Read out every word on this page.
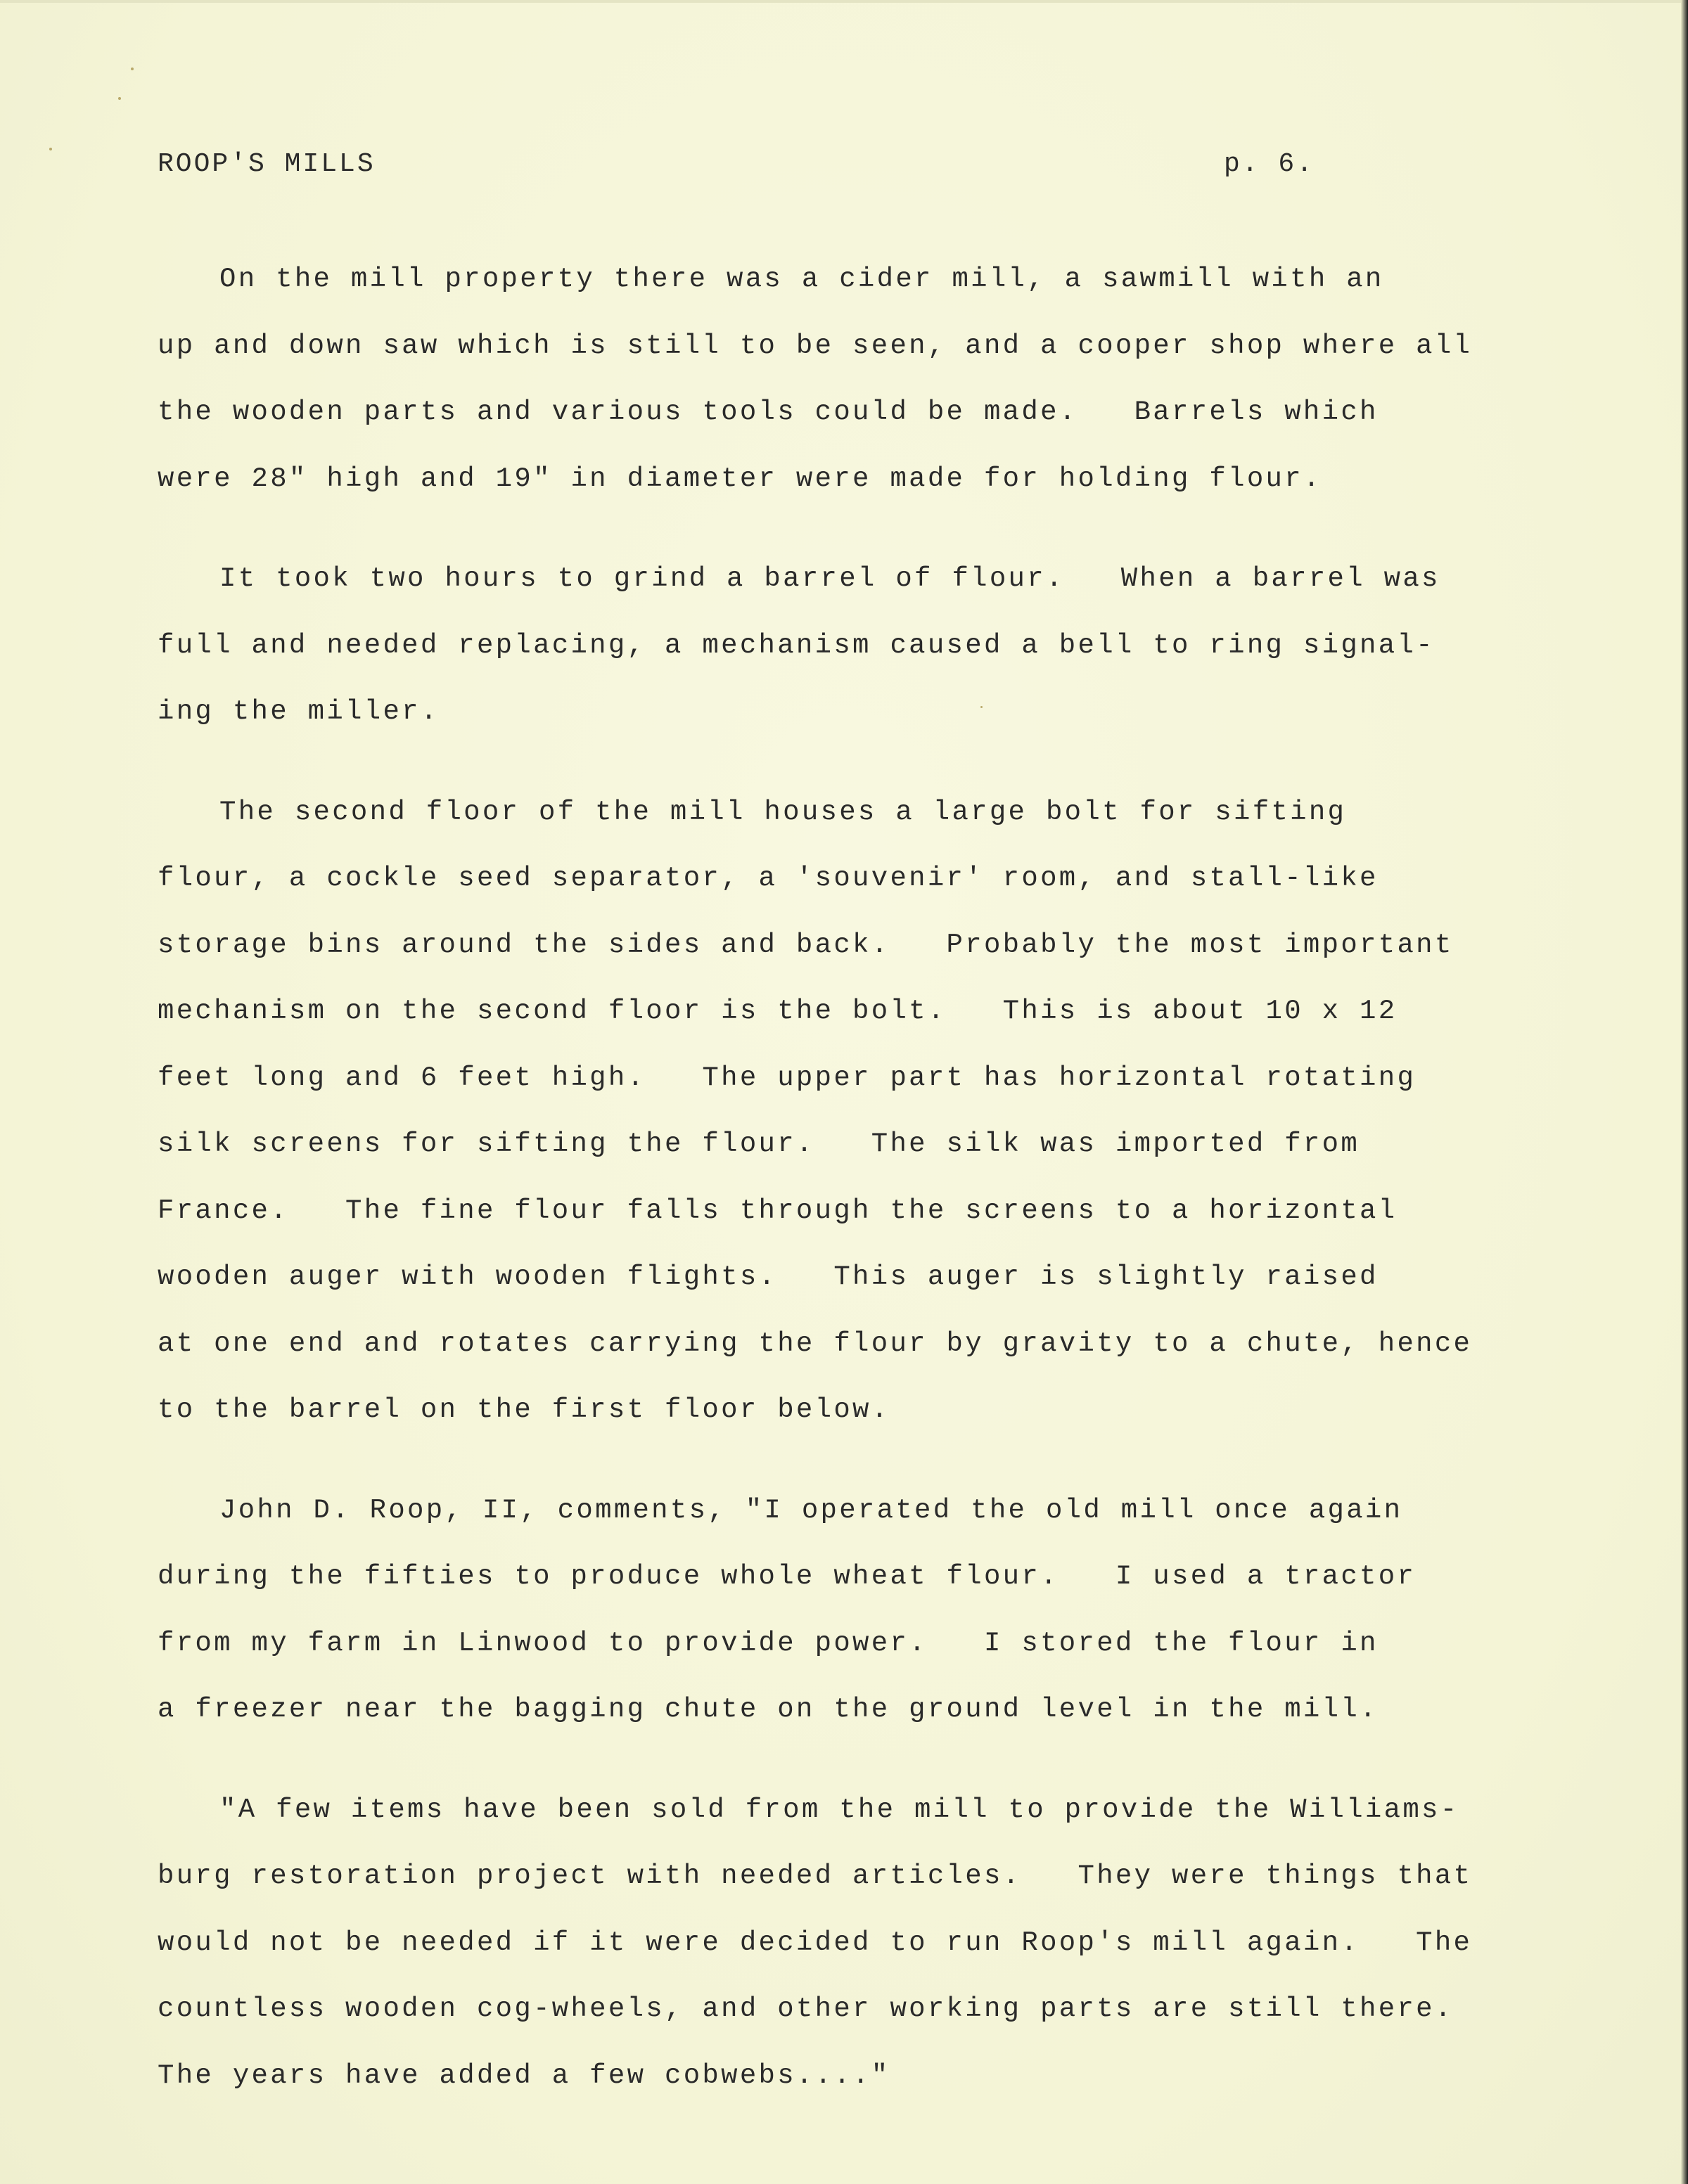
ROOP'S MILLS	p. 6.
On the mill property there was a cider mill, a sawmill with an
up and down saw which is still to be seen, and a cooper shop where all
the wooden parts and various tools could be made.   Barrels which
were 28" high and 19" in diameter were made for holding flour.
It took two hours to grind a barrel of flour.   When a barrel was
full and needed replacing, a mechanism caused a bell to ring signal-
ing the miller.
The second floor of the mill houses a large bolt for sifting
flour, a cockle seed separator, a 'souvenir' room, and stall-like
storage bins around the sides and back.   Probably the most important
mechanism on the second floor is the bolt.   This is about 10 x 12
feet long and 6 feet high.   The upper part has horizontal rotating
silk screens for sifting the flour.   The silk was imported from
France.   The fine flour falls through the screens to a horizontal
wooden auger with wooden flights.   This auger is slightly raised
at one end and rotates carrying the flour by gravity to a chute, hence
to the barrel on the first floor below.
John D. Roop, II, comments, "I operated the old mill once again
during the fifties to produce whole wheat flour.   I used a tractor
from my farm in Linwood to provide power.   I stored the flour in
a freezer near the bagging chute on the ground level in the mill.
"A few items have been sold from the mill to provide the Williams-
burg restoration project with needed articles.   They were things that
would not be needed if it were decided to run Roop's mill again.   The
countless wooden cog-wheels, and other working parts are still there.
The years have added a few cobwebs...."
